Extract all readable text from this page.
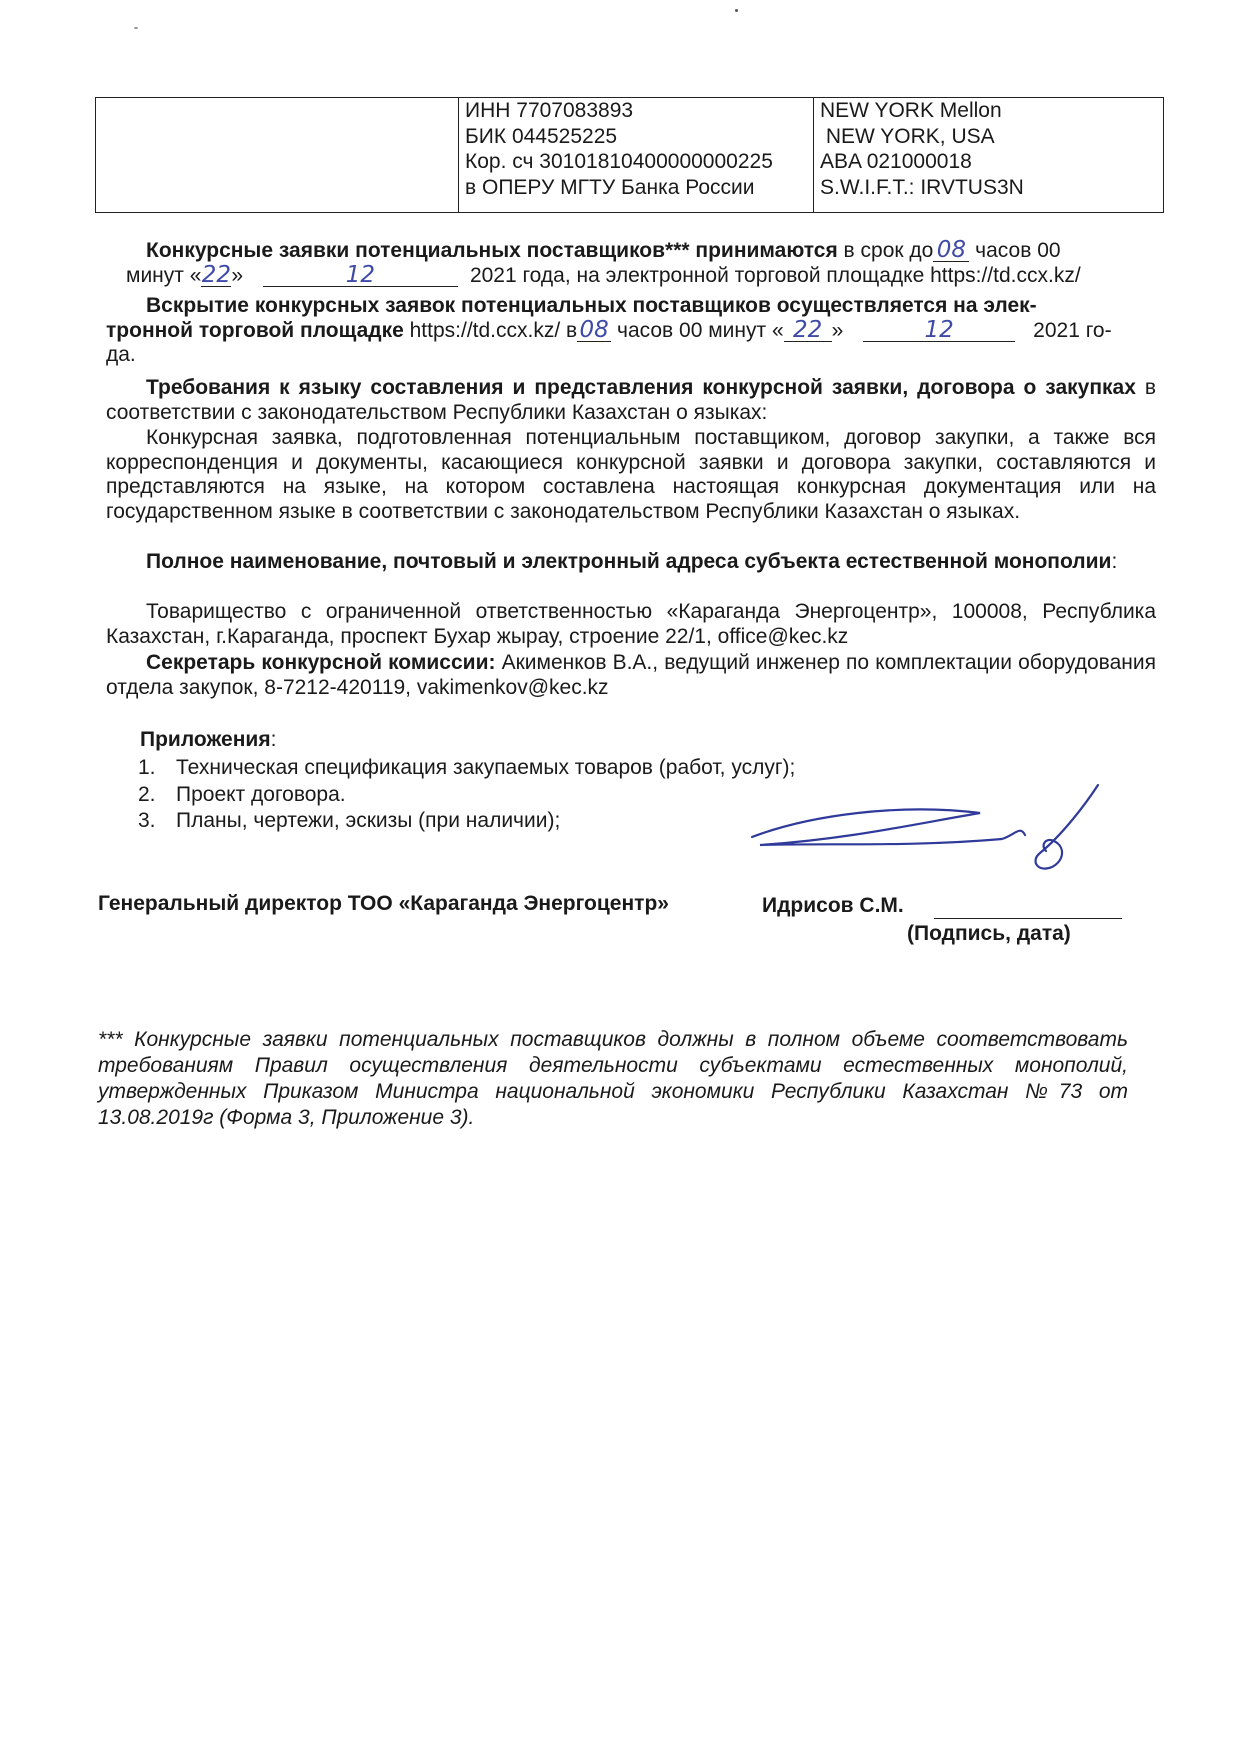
ИНН 7707083893
БИК 044525225
Кор. сч 30101810400000000225
в ОПЕРУ МГТУ Банка России

NEW YORK Mellon
NEW YORK, USA
ABA 021000018
S.W.I.F.T.: IRVTUS3N
Конкурсные заявки потенциальных поставщиков*** принимаются в срок до 08 часов 00
минут «22»	12	2021 года, на электронной торговой площадке https://td.ccx.kz/
Вскрытие конкурсных заявок потенциальных поставщиков осуществляется на элек-
тронной торговой площадке https://td.ccx.kz/ в 08 часов 00 минут « 22 »	12	2021 го-
да.
Требования к языку составления и представления конкурсной заявки, договора о закупках в соответствии с законодательством Республики Казахстан о языках:
Конкурсная заявка, подготовленная потенциальным поставщиком, договор закупки, а также вся корреспонденция и документы, касающиеся конкурсной заявки и договора закупки, составляются и представляются на языке, на котором составлена настоящая конкурсная документация или на государственном языке в соответствии с законодательством Республики Казахстан о языках.
Полное наименование, почтовый и электронный адреса субъекта естественной монополии:
Товарищество с ограниченной ответственностью «Караганда Энергоцентр», 100008, Республика Казахстан, г.Караганда, проспект Бухар жырау, строение 22/1, office@kec.kz
Секретарь конкурсной комиссии: Акименков В.А., ведущий инженер по комплектации оборудования отдела закупок, 8-7212-420119, vakimenkov@kec.kz
Приложения:
1. Техническая спецификация закупаемых товаров (работ, услуг);
2. Проект договора.
3. Планы, чертежи, эскизы (при наличии);
Генеральный директор ТОО «Караганда Энергоцентр»	Идрисов С.М.
(Подпись, дата)
*** Конкурсные заявки потенциальных поставщиков должны в полном объеме соответствовать требованиям Правил осуществления деятельности субъектами естественных монополий, утвержденных Приказом Министра национальной экономики Республики Казахстан №73 от 13.08.2019г (Форма 3, Приложение 3).
